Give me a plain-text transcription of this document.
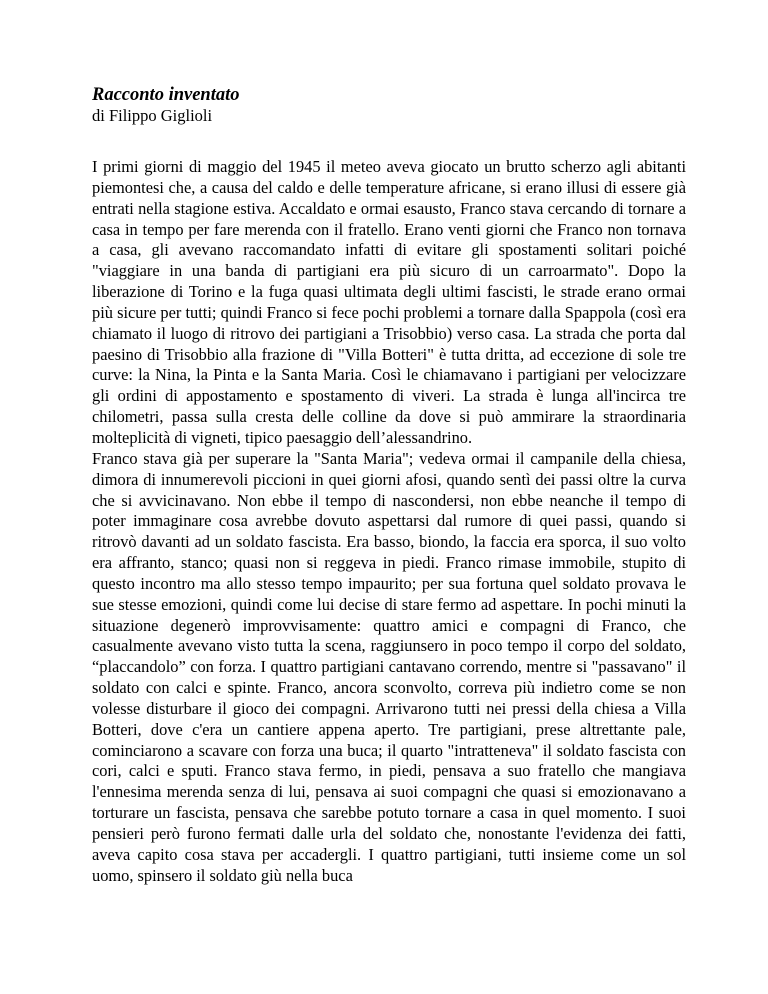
Racconto inventato

di Filippo Giglioli

I primi giorni di maggio del 1945 il meteo aveva giocato un brutto scherzo agli abitanti piemontesi che, a causa del caldo e delle temperature africane, si erano illusi di essere già entrati nella stagione estiva. Accaldato e ormai esausto, Franco stava cercando di tornare a casa in tempo per fare merenda con il fratello. Erano venti giorni che Franco non tornava a casa, gli avevano raccomandato infatti di evitare gli spostamenti solitari poiché "viaggiare in una banda di partigiani era più sicuro di un carroarmato". Dopo la liberazione di Torino e la fuga quasi ultimata degli ultimi fascisti, le strade erano ormai più sicure per tutti; quindi Franco si fece pochi problemi a tornare dalla Spappola (così era chiamato il luogo di ritrovo dei partigiani a Trisobbio) verso casa. La strada che porta dal paesino di Trisobbio alla frazione di "Villa Botteri" è tutta dritta, ad eccezione di sole tre curve: la Nina, la Pinta e la Santa Maria. Così le chiamavano i partigiani per velocizzare gli ordini di appostamento e spostamento di viveri. La strada è lunga all'incirca tre chilometri, passa sulla cresta delle colline da dove si può ammirare la straordinaria molteplicità di vigneti, tipico paesaggio dell’alessandrino.

Franco stava già per superare la "Santa Maria"; vedeva ormai il campanile della chiesa, dimora di innumerevoli piccioni in quei giorni afosi, quando sentì dei passi oltre la curva che si avvicinavano. Non ebbe il tempo di nascondersi, non ebbe neanche il tempo di poter immaginare cosa avrebbe dovuto aspettarsi dal rumore di quei passi, quando si ritrovò davanti ad un soldato fascista. Era basso, biondo, la faccia era sporca, il suo volto era affranto, stanco; quasi non si reggeva in piedi. Franco rimase immobile, stupito di questo incontro ma allo stesso tempo impaurito; per sua fortuna quel soldato provava le sue stesse emozioni, quindi come lui decise di stare fermo ad aspettare. In pochi minuti la situazione degenerò improvvisamente: quattro amici e compagni di Franco, che casualmente avevano visto tutta la scena, raggiunsero in poco tempo il corpo del soldato, “placcandolo” con forza. I quattro partigiani cantavano correndo, mentre si "passavano" il soldato con calci e spinte. Franco, ancora sconvolto, correva più indietro come se non volesse disturbare il gioco dei compagni. Arrivarono tutti nei pressi della chiesa a Villa Botteri, dove c'era un cantiere appena aperto. Tre partigiani, prese altrettante pale, cominciarono a scavare con forza una buca; il quarto "intratteneva" il soldato fascista con cori, calci e sputi. Franco stava fermo, in piedi, pensava a suo fratello che mangiava l'ennesima merenda senza di lui, pensava ai suoi compagni che quasi si emozionavano a torturare un fascista, pensava che sarebbe potuto tornare a casa in quel momento. I suoi pensieri però furono fermati dalle urla del soldato che, nonostante l'evidenza dei fatti, aveva capito cosa stava per accadergli. I quattro partigiani, tutti insieme come un sol uomo, spinsero il soldato giù nella buca
